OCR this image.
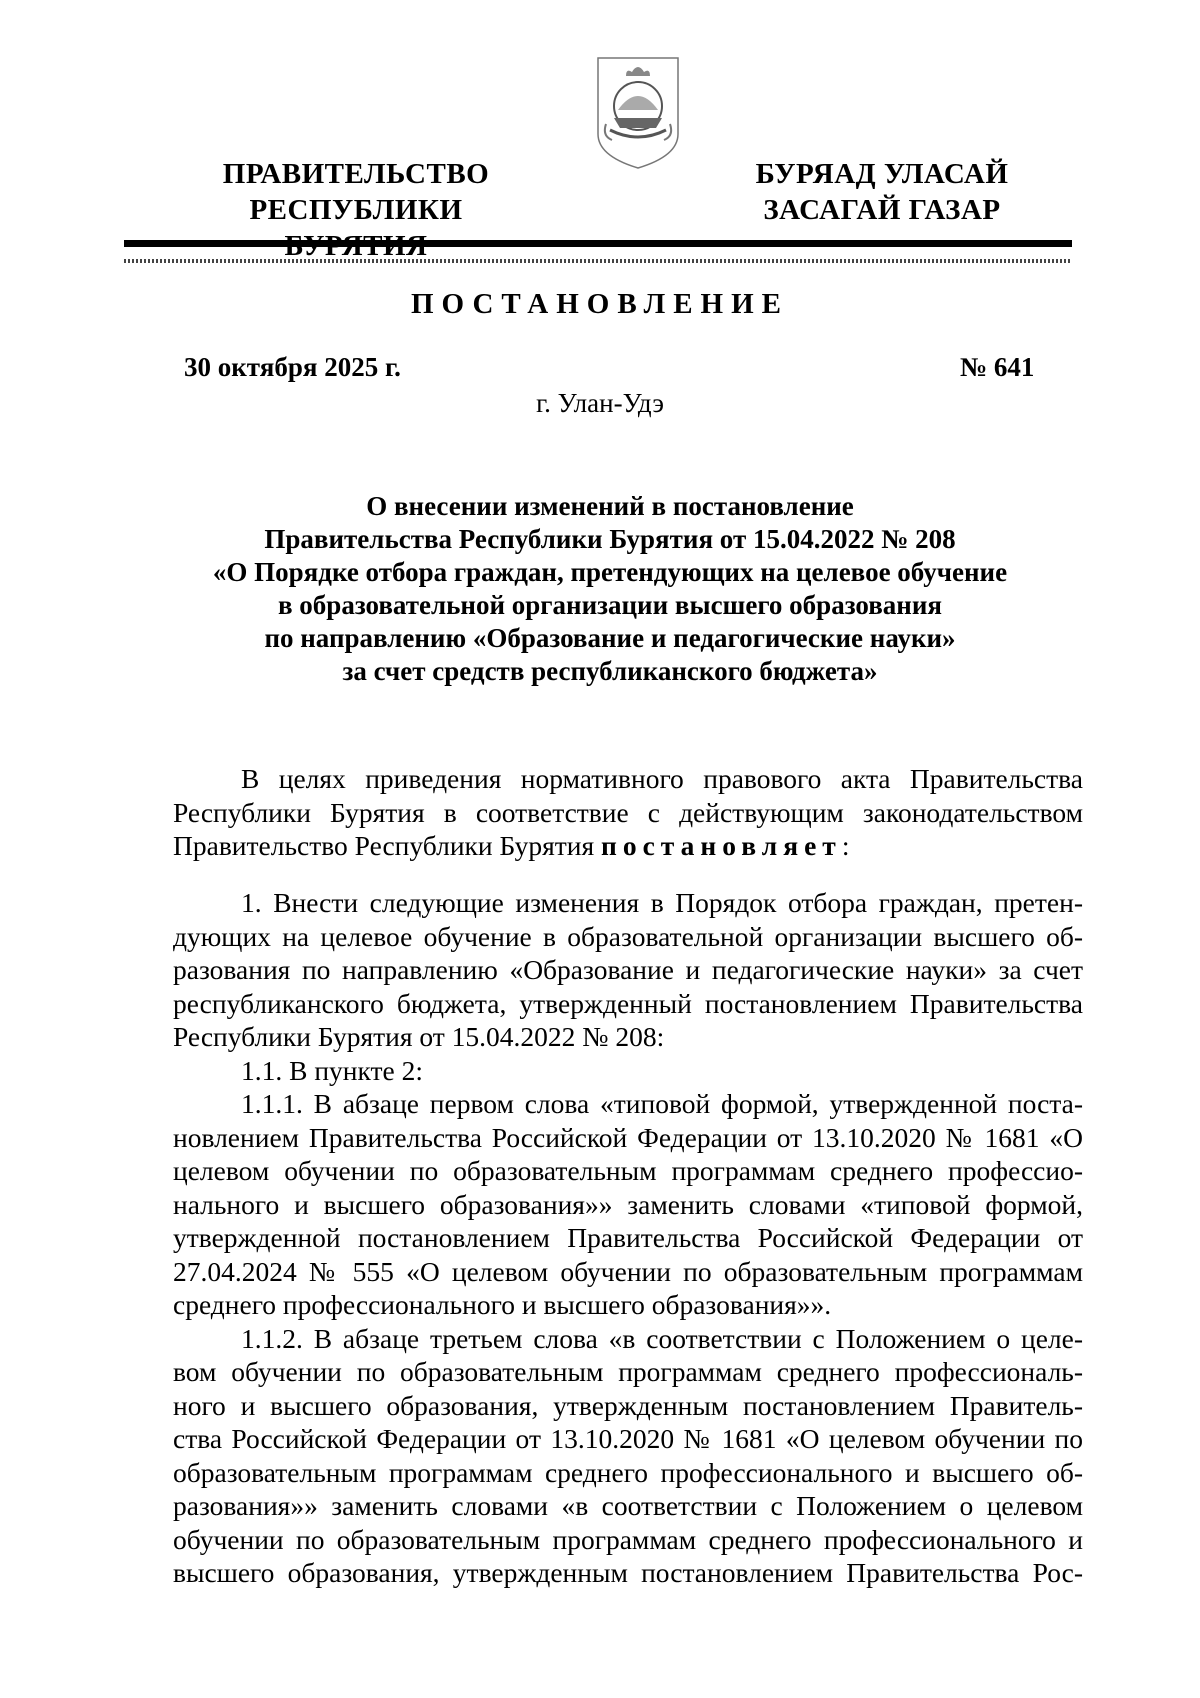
ПРАВИТЕЛЬСТВО
РЕСПУБЛИКИ
БУРЯАД УЛАСАЙ
ЗАСАГАЙ ГАЗАР
ПОСТАНОВЛЕНИЕ
30 октября 2025 г.	№ 641
г. Улан-Удэ
О внесении изменений в постановление
Правительства Республики Бурятия от 15.04.2022 № 208
«О Порядке отбора граждан, претендующих на целевое обучение
в образовательной организации высшего образования
по направлению «Образование и педагогические науки»
за счет средств республиканского бюджета»
В целях приведения нормативного правового акта Правительства
Республики Бурятия в соответствие с действующим законодательством
Правительство Республики Бурятия постановляет:
1. Внести следующие изменения в Порядок отбора граждан, претен-
дующих на целевое обучение в образовательной организации высшего об-
разования по направлению «Образование и педагогические науки» за счет
республиканского бюджета, утвержденный постановлением Правительства
Республики Бурятия от 15.04.2022 № 208:
1.1. В пункте 2:
1.1.1. В абзаце первом слова «типовой формой, утвержденной поста-
новлением Правительства Российской Федерации от 13.10.2020 № 1681 «О
целевом обучении по образовательным программам среднего профессио-
нального и высшего образования»» заменить словами «типовой формой,
утвержденной постановлением Правительства Российской Федерации от
27.04.2024 № 555 «О целевом обучении по образовательным программам
среднего профессионального и высшего образования»».
1.1.2. В абзаце третьем слова «в соответствии с Положением о целе-
вом обучении по образовательным программам среднего профессиональ-
ного и высшего образования, утвержденным постановлением Правитель-
ства Российской Федерации от 13.10.2020 № 1681 «О целевом обучении по
образовательным программам среднего профессионального и высшего об-
разования»» заменить словами «в соответствии с Положением о целевом
обучении по образовательным программам среднего профессионального и
высшего образования, утвержденным постановлением Правительства Рос-
